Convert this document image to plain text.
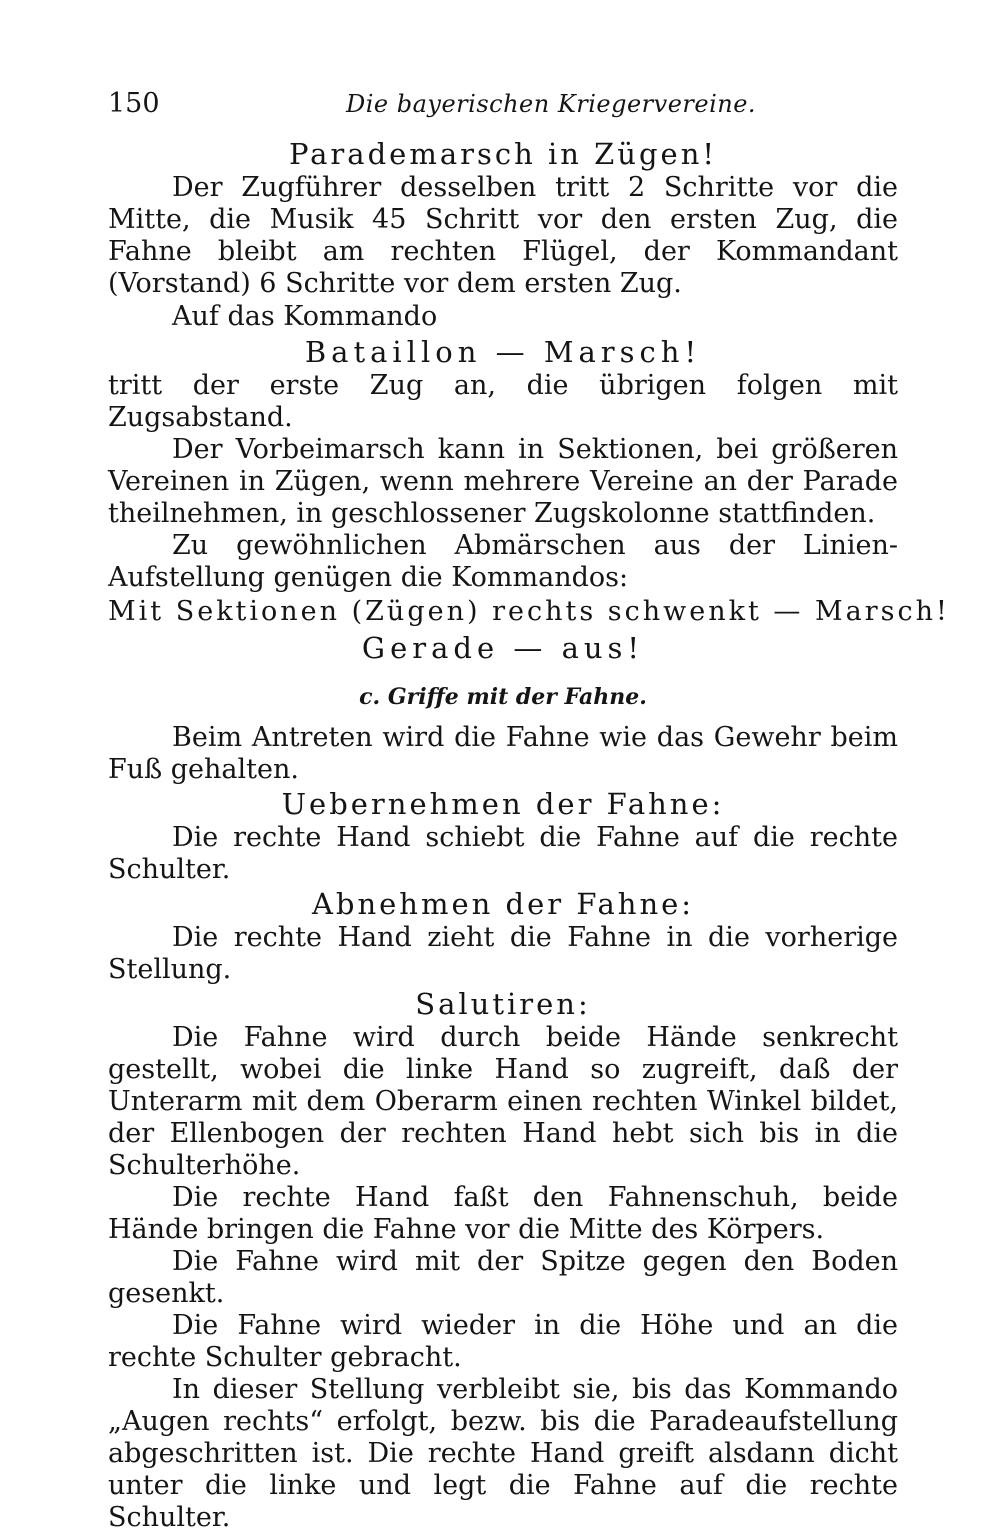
150	Die bayerischen Kriegervereine.

Parademarsch in Zügen!

Der Zugführer desselben tritt 2 Schritte vor die Mitte, die Musik 45 Schritt vor den ersten Zug, die Fahne bleibt am rechten Flügel, der Kommandant (Vorstand) 6 Schritte vor dem ersten Zug.

Auf das Kommando

Bataillon — Marsch!

tritt der erste Zug an, die übrigen folgen mit Zugsabstand.

Der Vorbeimarsch kann in Sektionen, bei größeren Vereinen in Zügen, wenn mehrere Vereine an der Parade theilnehmen, in geschlossener Zugskolonne stattfinden.

Zu gewöhnlichen Abmärschen aus der Linien-Aufstellung genügen die Kommandos:

Mit Sektionen (Zügen) rechts schwenkt — Marsch!

Gerade — aus!

c. Griffe mit der Fahne.

Beim Antreten wird die Fahne wie das Gewehr beim Fuß gehalten.

Uebernehmen der Fahne:

Die rechte Hand schiebt die Fahne auf die rechte Schulter.

Abnehmen der Fahne:

Die rechte Hand zieht die Fahne in die vorherige Stellung.

Salutiren:

Die Fahne wird durch beide Hände senkrecht gestellt, wobei die linke Hand so zugreift, daß der Unterarm mit dem Oberarm einen rechten Winkel bildet, der Ellenbogen der rechten Hand hebt sich bis in die Schulterhöhe.

Die rechte Hand faßt den Fahnenschuh, beide Hände bringen die Fahne vor die Mitte des Körpers.

Die Fahne wird mit der Spitze gegen den Boden gesenkt.

Die Fahne wird wieder in die Höhe und an die rechte Schulter gebracht.

In dieser Stellung verbleibt sie, bis das Kommando „Augen rechts“ erfolgt, bezw. bis die Paradeaufstellung abgeschritten ist. Die rechte Hand greift alsdann dicht unter die linke und legt die Fahne auf die rechte Schulter.
